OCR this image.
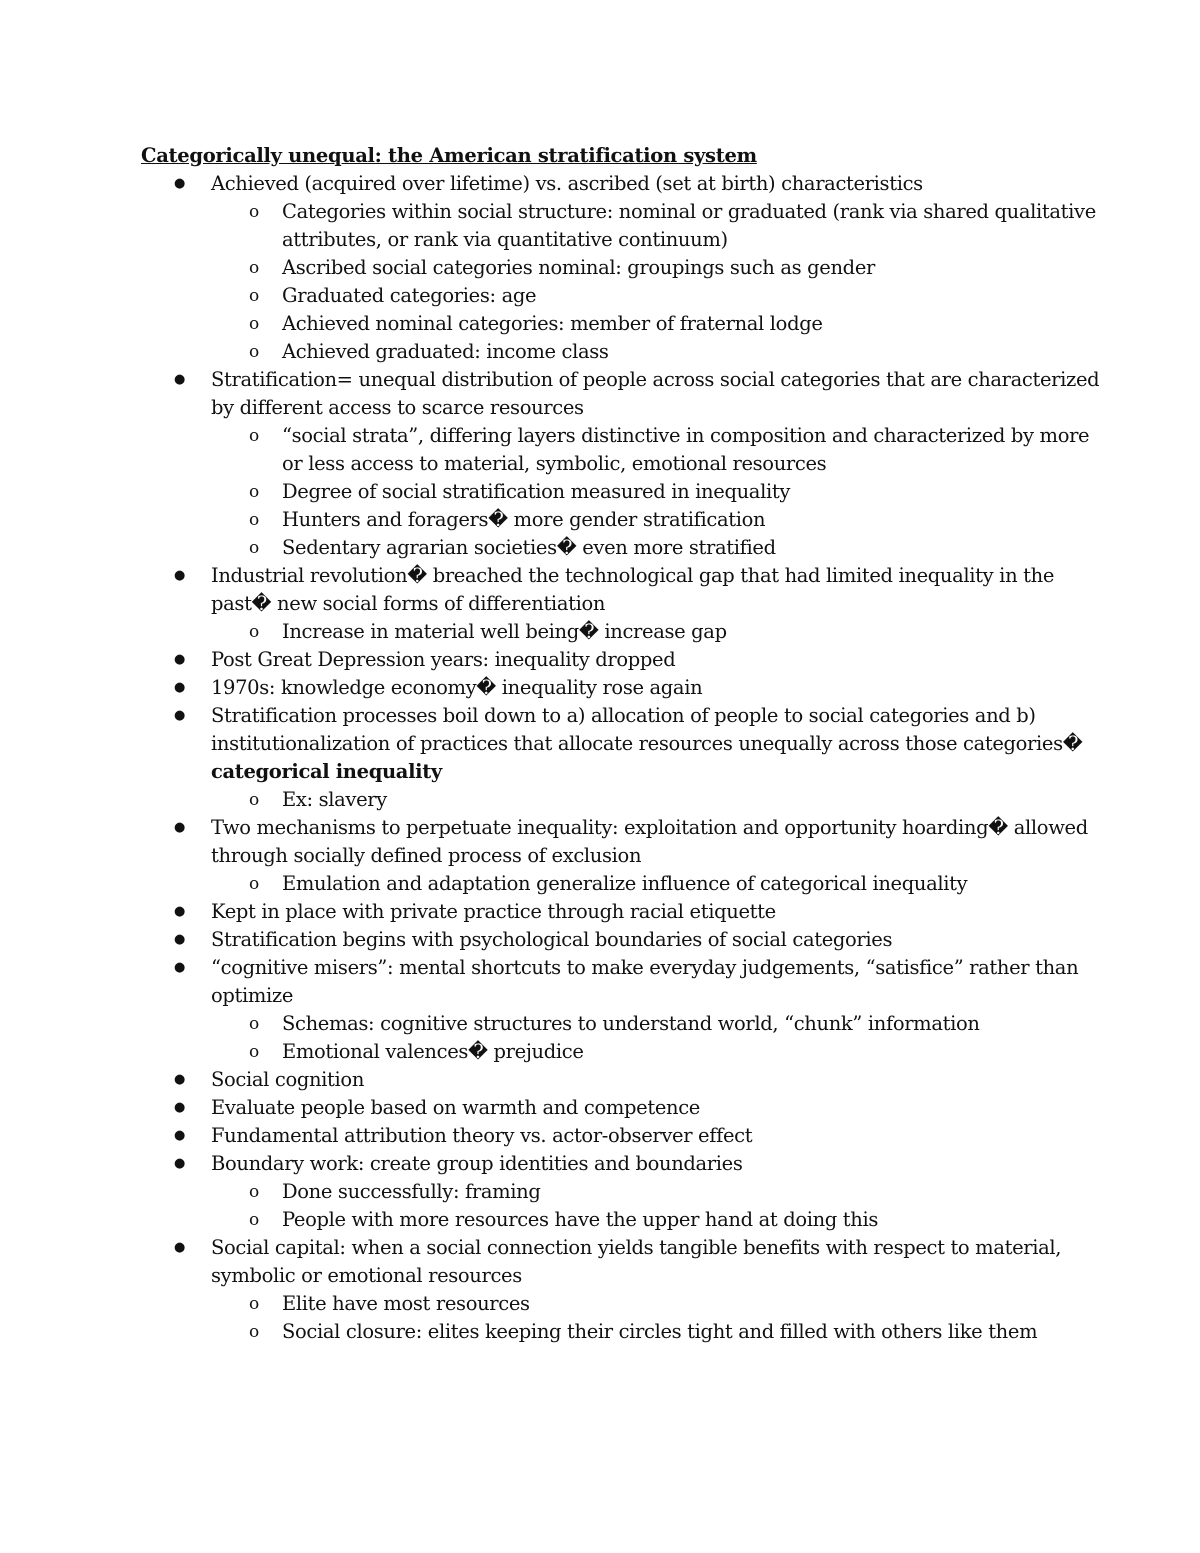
Categorically unequal: the American stratification system

● Achieved (acquired over lifetime) vs. ascribed (set at birth) characteristics
o Categories within social structure: nominal or graduated (rank via shared qualitative attributes, or rank via quantitative continuum)
o Ascribed social categories nominal: groupings such as gender
o Graduated categories: age
o Achieved nominal categories: member of fraternal lodge
o Achieved graduated: income class
● Stratification= unequal distribution of people across social categories that are characterized by different access to scarce resources
o “social strata”, differing layers distinctive in composition and characterized by more or less access to material, symbolic, emotional resources
o Degree of social stratification measured in inequality
o Hunters and foragers� more gender stratification
o Sedentary agrarian societies� even more stratified
● Industrial revolution� breached the technological gap that had limited inequality in the past� new social forms of differentiation
o Increase in material well being� increase gap
● Post Great Depression years: inequality dropped
● 1970s: knowledge economy� inequality rose again
● Stratification processes boil down to a) allocation of people to social categories and b) institutionalization of practices that allocate resources unequally across those categories�
categorical inequality
o Ex: slavery
● Two mechanisms to perpetuate inequality: exploitation and opportunity hoarding� allowed through socially defined process of exclusion
o Emulation and adaptation generalize influence of categorical inequality
● Kept in place with private practice through racial etiquette
● Stratification begins with psychological boundaries of social categories
● “cognitive misers”: mental shortcuts to make everyday judgements, “satisfice” rather than optimize
o Schemas: cognitive structures to understand world, “chunk” information
o Emotional valences� prejudice
● Social cognition
● Evaluate people based on warmth and competence
● Fundamental attribution theory vs. actor-observer effect
● Boundary work: create group identities and boundaries
o Done successfully: framing
o People with more resources have the upper hand at doing this
● Social capital: when a social connection yields tangible benefits with respect to material, symbolic or emotional resources
o Elite have most resources
o Social closure: elites keeping their circles tight and filled with others like them
